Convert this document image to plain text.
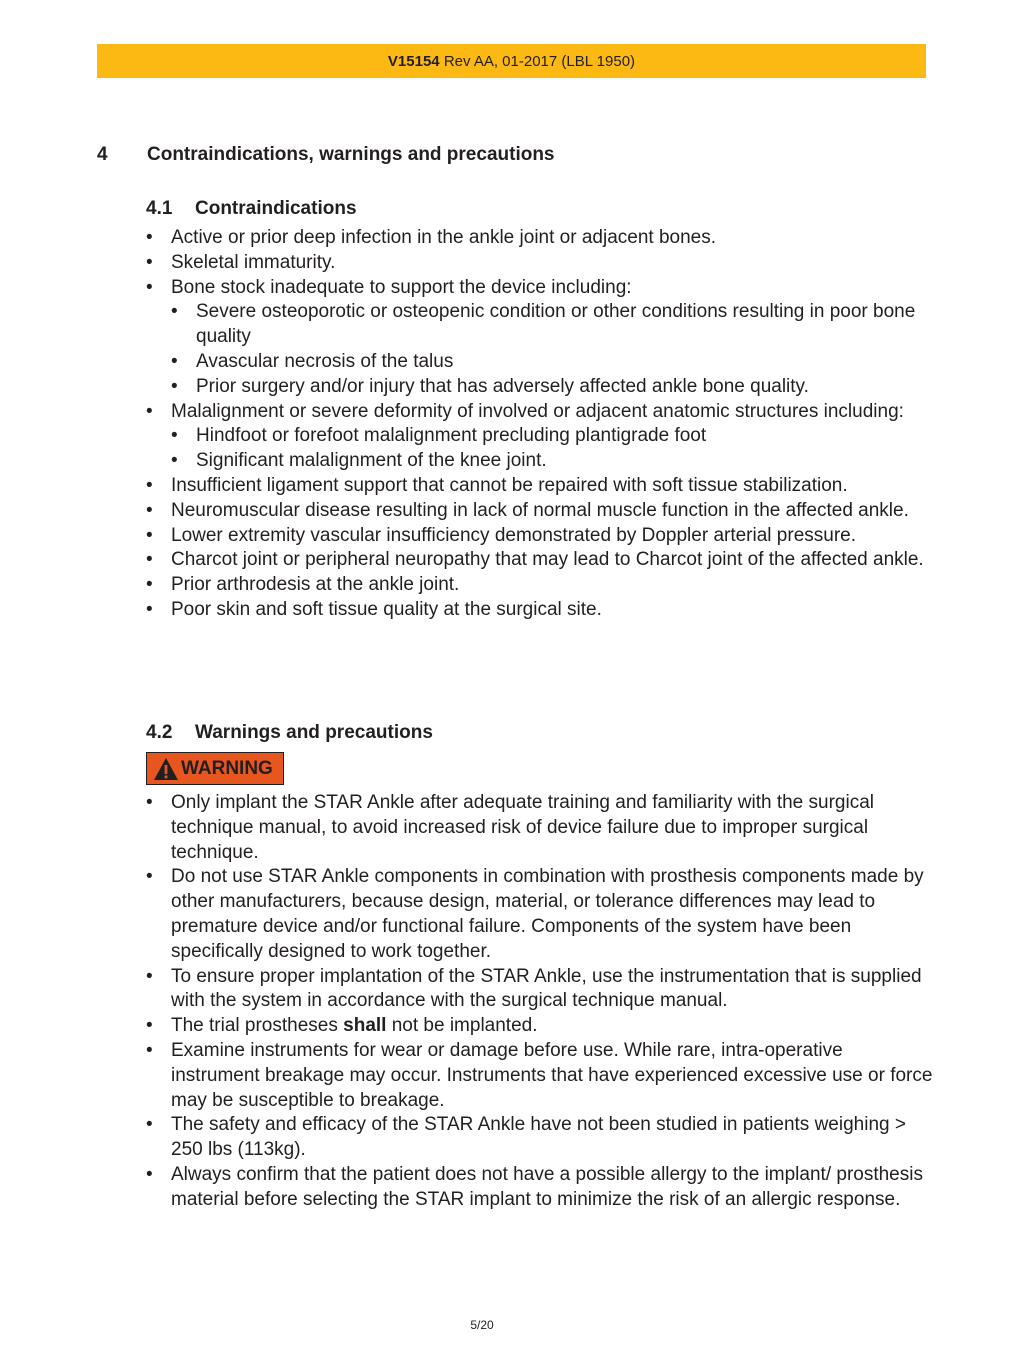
V15154
Rev AA, 01-2017 (LBL 1950)
4 Contraindications, warnings and precautions
4.1 Contraindications
• Active or prior deep infection in the ankle joint or adjacent bones.
• Skeletal immaturity.
• Bone stock inadequate to support the device including:
• Severe osteoporotic or osteopenic condition or other conditions resulting in poor bone quality
• Avascular necrosis of the talus
• Prior surgery and/or injury that has adversely affected ankle bone quality.
• Malalignment or severe deformity of involved or adjacent anatomic structures including:
• Hindfoot or forefoot malalignment precluding plantigrade foot
• Significant malalignment of the knee joint.
• Insufficient ligament support that cannot be repaired with soft tissue stabilization.
• Neuromuscular disease resulting in lack of normal muscle function in the affected ankle.
• Lower extremity vascular insufficiency demonstrated by Doppler arterial pressure.
• Charcot joint or peripheral neuropathy that may lead to Charcot joint of the affected ankle.
• Prior arthrodesis at the ankle joint.
• Poor skin and soft tissue quality at the surgical site.
4.2 Warnings and precautions
WARNING
• Only implant the STAR Ankle after adequate training and familiarity with the surgical technique manual, to avoid increased risk of device failure due to improper surgical technique.
• Do not use STAR Ankle components in combination with prosthesis components made by other manufacturers, because design, material, or tolerance differences may lead to premature device and/or functional failure. Components of the system have been specifically designed to work together.
• To ensure proper implantation of the STAR Ankle, use the instrumentation that is supplied with the system in accordance with the surgical technique manual.
• The trial prostheses shall not be implanted.
• Examine instruments for wear or damage before use. While rare, intra-operative instrument breakage may occur. Instruments that have experienced excessive use or force may be susceptible to breakage.
• The safety and efficacy of the STAR Ankle have not been studied in patients weighing > 250 lbs (113kg).
• Always confirm that the patient does not have a possible allergy to the implant/ prosthesis material before selecting the STAR implant to minimize the risk of an allergic response.
5/20
